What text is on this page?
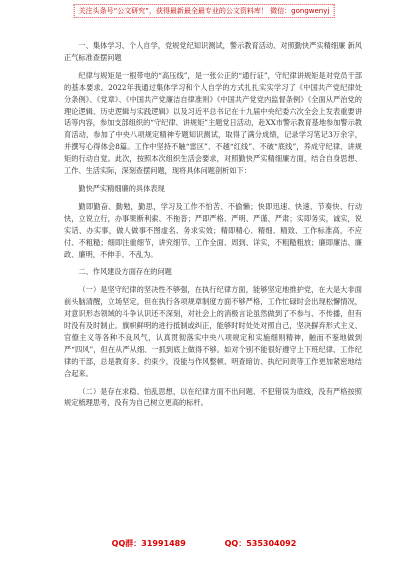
关注头条号“公文研究”，获得最新最全最专业的公文资料库！ 微信：gongwenyj

一、集体学习、个人自学，党规党纪知识测试，警示教育活动、对照勤快严实精细廉 新风正气标准查摆问题

纪律与规矩是一根带电的“高压线”，是一张公正的“通行证”，守纪律讲规矩是对党员干部的基本要求。2022年我通过集体学习和个人自学的方式扎扎实实学习了《中国共产党纪律处分条例》、《党章》、《中国共产党廉洁自律准则》《中国共产党党内监督条例》《全面从严治党的理论逻辑、历史逻辑与实践逻辑》以及习近平总书记在十九届中央纪委六次全会上发表重要讲话等内容，参加支部组织的“守纪律、讲规矩”主题党日活动，赴XX市警示教育基地参加警示教育活动，参加了中央八项规定精神专题知识测试，取得了满分成绩，记录学习笔记3万余字，并撰写心得体会8篇。工作中坚持不触“雷区”、不越“红线”、不破“底线”，养成守纪律、讲规矩的行动自觉。此次，按照本次组织生活会要求，对照勤快严实精细廉方面，结合自身思想、工作、生活实际，深刻查摆问题，现将具体问题剖析如下：

勤快严实精细廉的具体表现

勤即勤奋、勤勉，勤思，学习及工作不怕苦、不偷懒；快即迅速、快速、节奏快、行动快，立说立行，办事果断利索、不拖沓；严即严格、严明、严谨、严肃；实即务实，诚实，说实话、办实事，做人做事不图虚名、务求实效；精即精心、精细、精致、工作标准高，不应付、不粗糙；细即注重细节，讲究细节、工作全面、周到、详实，不粗糙粗放；廉即廉洁、廉政、廉明，不伸手、不乱为。

二、作风建设方面存在的问题

（一）是坚守纪律的坚决性不够强，在执行纪律方面，能够坚定地推护党，在大是大非面前头脑清醒，立场坚定，但在执行各项规章制度方面不够严格，工作忙碌时会出现松懈情况，对意识形态领域的斗争认识还不深刻，对社会上的消极言论虽然做到了不参与、不传播，但有时没有及时制止。旗帜鲜明的进行抵制或纠正，能够时时处处对照自己，坚决摒弃形式主义、官僚主义等各种不良风气，认真贯彻落实中央八项规定和实施细则精神，触而不鉴地做到严“四风”，但在从严从细、一抓到底上做得不够。如对个别不能很好遵守上下班纪律、工作纪律的干部，总是教育多、约束少，没能与作风整顿、明查暗访、执纪问责等工作更加紧密地结合起来。

（二）是存在求稳、怕乱思想，以在纪律方面不出问题、不犯错误为底线，没有严格按照规定梳理思考，没有为自己树立更高的标杆。

QQ群：31991489	QQ：535304092
